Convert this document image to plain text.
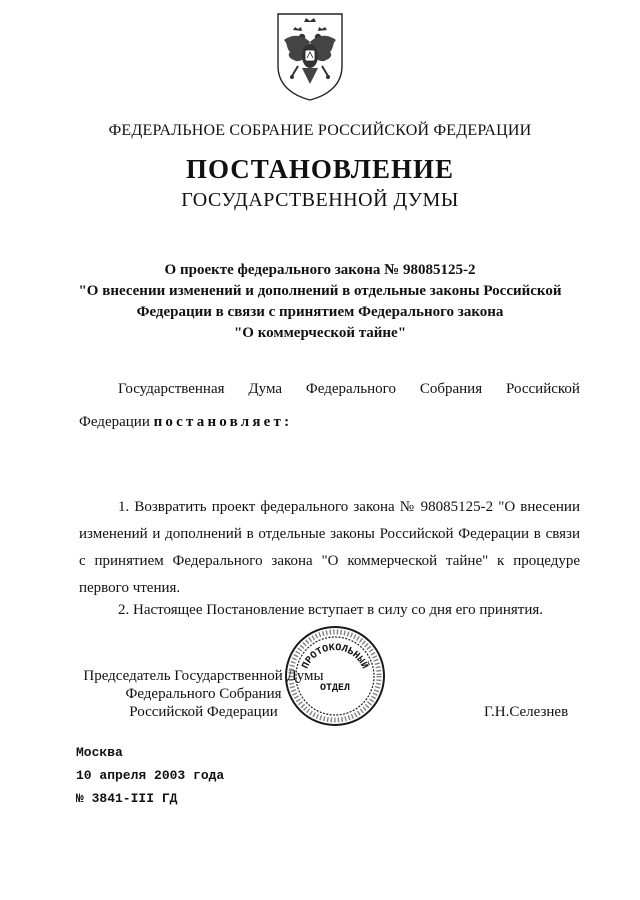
ФЕДЕРАЛЬНОЕ СОБРАНИЕ РОССИЙСКОЙ ФЕДЕРАЦИИ
ПОСТАНОВЛЕНИЕ
ГОСУДАРСТВЕННОЙ ДУМЫ
О проекте федерального закона № 98085125-2
"О внесении изменений и дополнений в отдельные законы Российской
Федерации в связи с принятием Федерального закона
"О коммерческой тайне"
Государственная Дума Федерального Собрания Российской
Федерации постановляет:
1. Возвратить проект федерального закона № 98085125-2 "О внесении изменений и дополнений в отдельные законы Российской Федерации в связи с принятием Федерального закона "О коммерческой тайне" к процедуре первого чтения.
2. Настоящее Постановление вступает в силу со дня его принятия.
Председатель Государственной Думы
Федерального Собрания
Российской Федерации
ПРОТОКОЛЬНЫЙ
ОТДЕЛ
Г.Н.Селезнев
Москва
10 апреля 2003 года
№ 3841-III ГД
